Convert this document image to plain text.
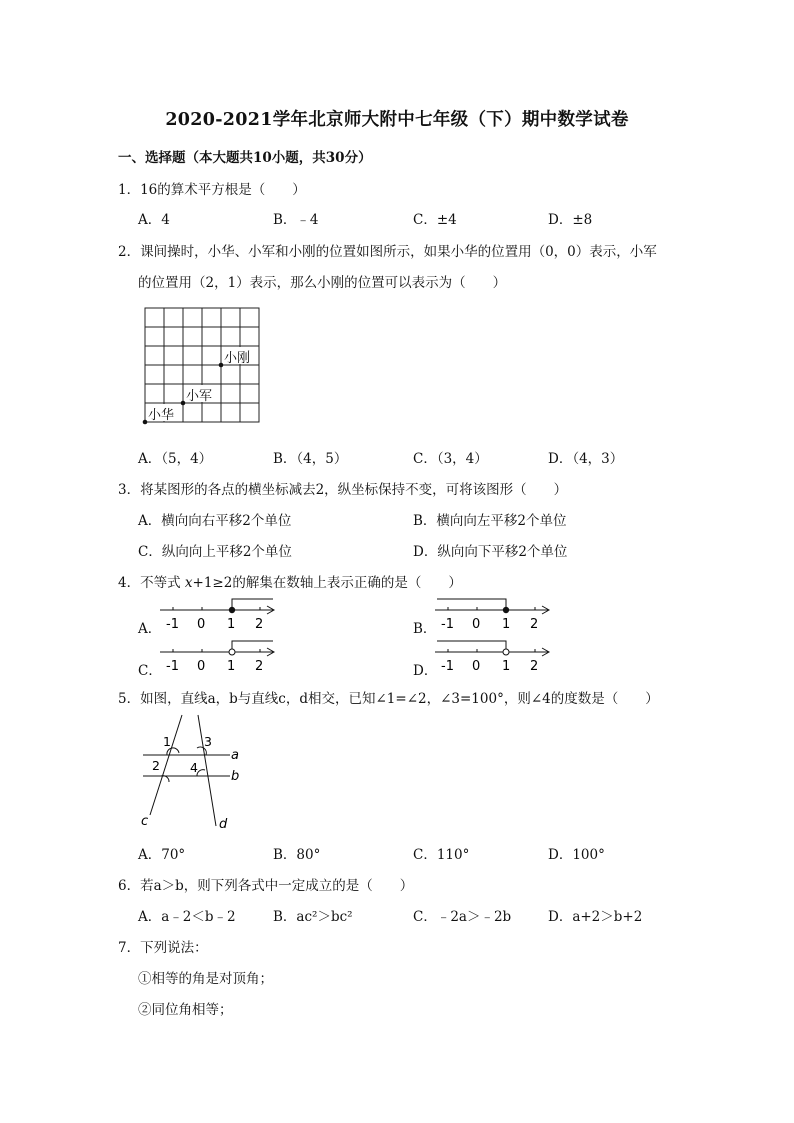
2020-2021学年北京师大附中七年级（下）期中数学试卷
一、选择题（本大题共10小题，共30分）
1．16的算术平方根是（　　）
A．4	B．﹣4	C．±4	D．±8
2．课间操时，小华、小军和小刚的位置如图所示，如果小华的位置用（0，0）表示，小军
的位置用（2，1）表示，那么小刚的位置可以表示为（　　）
小华
小军
小刚
A．（5，4）	B．（4，5）	C．（3，4）	D．（4，3）
3．将某图形的各点的横坐标减去2，纵坐标保持不变，可将该图形（　　）
A．横向向右平移2个单位	B．横向向左平移2个单位
C．纵向向上平移2个单位	D．纵向向下平移2个单位
4．不等式 x+1≥2的解集在数轴上表示正确的是（　　）
A．	B．
C．	D．
-1 0 1 2	-1 0 1 2
-1 0 1 2	-1 0 1 2
5．如图，直线a，b与直线c，d相交，已知∠1=∠2，∠3=100°，则∠4的度数是（　　）
1
2
3
4
a
b
c	d
A．70°	B．80°	C．110°	D．100°
6．若a＞b，则下列各式中一定成立的是（　　）
A．a﹣2＜b﹣2	B．ac²＞bc²	C．﹣2a＞﹣2b	D．a+2＞b+2
7．下列说法：
①相等的角是对顶角；
②同位角相等；
